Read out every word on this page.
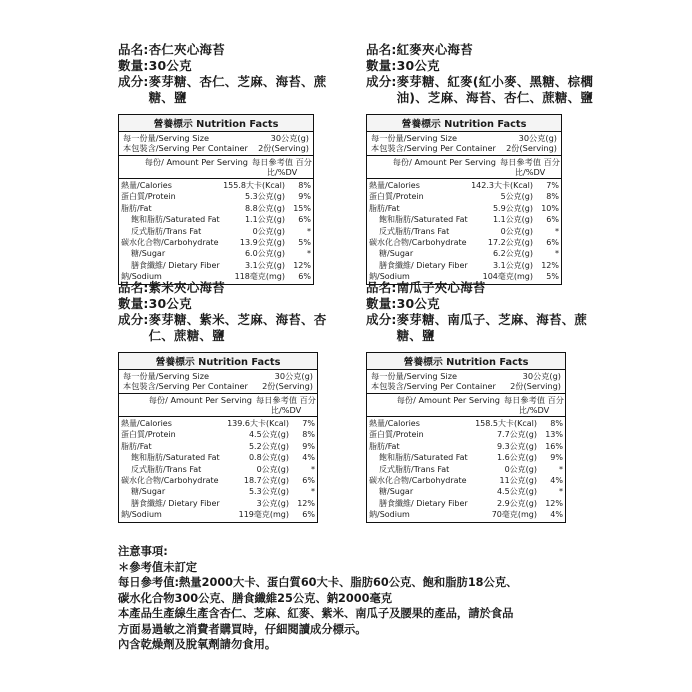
品名: 杏仁夾心海苔
數量: 30公克
成分: 麥芽糖、杏仁、芝麻、海苔、蔗糖、鹽
營養標示 Nutrition Facts
每一份量/Serving Size	30公克(g)
本包裝含/Serving Per Container 2份(Serving)
每份/ Amount Per Serving 每日參考值 百分比/%DV
熱量/Calories	155.8大卡(Kcal)	8%
蛋白質/Protein	5.3公克(g)	9%
脂肪/Fat	8.8公克(g)	15%
飽和脂肪/Saturated Fat	1.1公克(g)	6%
反式脂肪/Trans Fat	0公克(g)	*
碳水化合物/Carbohydrate	13.9公克(g)	5%
糖/Sugar	6.0公克(g)	*
膳食纖維/ Dietary Fiber	3.1公克(g)	12%
鈉/Sodium	118毫克(mg)	6%
品名: 紅麥夾心海苔
數量: 30公克
成分: 麥芽糖、紅麥(紅小麥、黑糖、棕櫚油)、芝麻、海苔、杏仁、蔗糖、鹽
營養標示 Nutrition Facts
每一份量/Serving Size	30公克(g)
本包裝含/Serving Per Container 2份(Serving)
每份/ Amount Per Serving 每日參考值 百分比/%DV
熱量/Calories	142.3大卡(Kcal)	7%
蛋白質/Protein	5公克(g)	8%
脂肪/Fat	5.9公克(g)	10%
飽和脂肪/Saturated Fat	1.1公克(g)	6%
反式脂肪/Trans Fat	0公克(g)	*
碳水化合物/Carbohydrate	17.2公克(g)	6%
糖/Sugar	6.2公克(g)	*
膳食纖維/ Dietary Fiber	3.1公克(g)	12%
鈉/Sodium	104毫克(mg)	5%
品名: 紫米夾心海苔
數量: 30公克
成分: 麥芽糖、紫米、芝麻、海苔、杏仁、蔗糖、鹽
營養標示 Nutrition Facts
每一份量/Serving Size	30公克(g)
本包裝含/Serving Per Container 2份(Serving)
每份/ Amount Per Serving 每日參考值 百分比/%DV
熱量/Calories	139.6大卡(Kcal)	7%
蛋白質/Protein	4.5公克(g)	8%
脂肪/Fat	5.2公克(g)	9%
飽和脂肪/Saturated Fat	0.8公克(g)	4%
反式脂肪/Trans Fat	0公克(g)	*
碳水化合物/Carbohydrate	18.7公克(g)	6%
糖/Sugar	5.3公克(g)	*
膳食纖維/ Dietary Fiber	3公克(g)	12%
鈉/Sodium	119毫克(mg)	6%
品名: 南瓜子夾心海苔
數量: 30公克
成分: 麥芽糖、南瓜子、芝麻、海苔、蔗糖、鹽
營養標示 Nutrition Facts
每一份量/Serving Size	30公克(g)
本包裝含/Serving Per Container 2份(Serving)
每份/ Amount Per Serving 每日參考值 百分比/%DV
熱量/Calories	158.5大卡(Kcal)	8%
蛋白質/Protein	7.7公克(g)	13%
脂肪/Fat	9.3公克(g)	16%
飽和脂肪/Saturated Fat	1.6公克(g)	9%
反式脂肪/Trans Fat	0公克(g)	*
碳水化合物/Carbohydrate	11公克(g)	4%
糖/Sugar	4.5公克(g)	*
膳食纖維/ Dietary Fiber	2.9公克(g)	12%
鈉/Sodium	70毫克(mg)	4%
注意事項:
＊參考值未訂定
每日參考值:熱量2000大卡、蛋白質60大卡、脂肪60公克、飽和脂肪18公克、
碳水化合物300公克、膳食纖維25公克、鈉2000毫克
本產品生產線生產含杏仁、芝麻、紅麥、紫米、南瓜子及腰果的產品，請於食品
方面易過敏之消費者購買時，仔細閱讀成分標示。
內含乾燥劑及脫氧劑請勿食用。
